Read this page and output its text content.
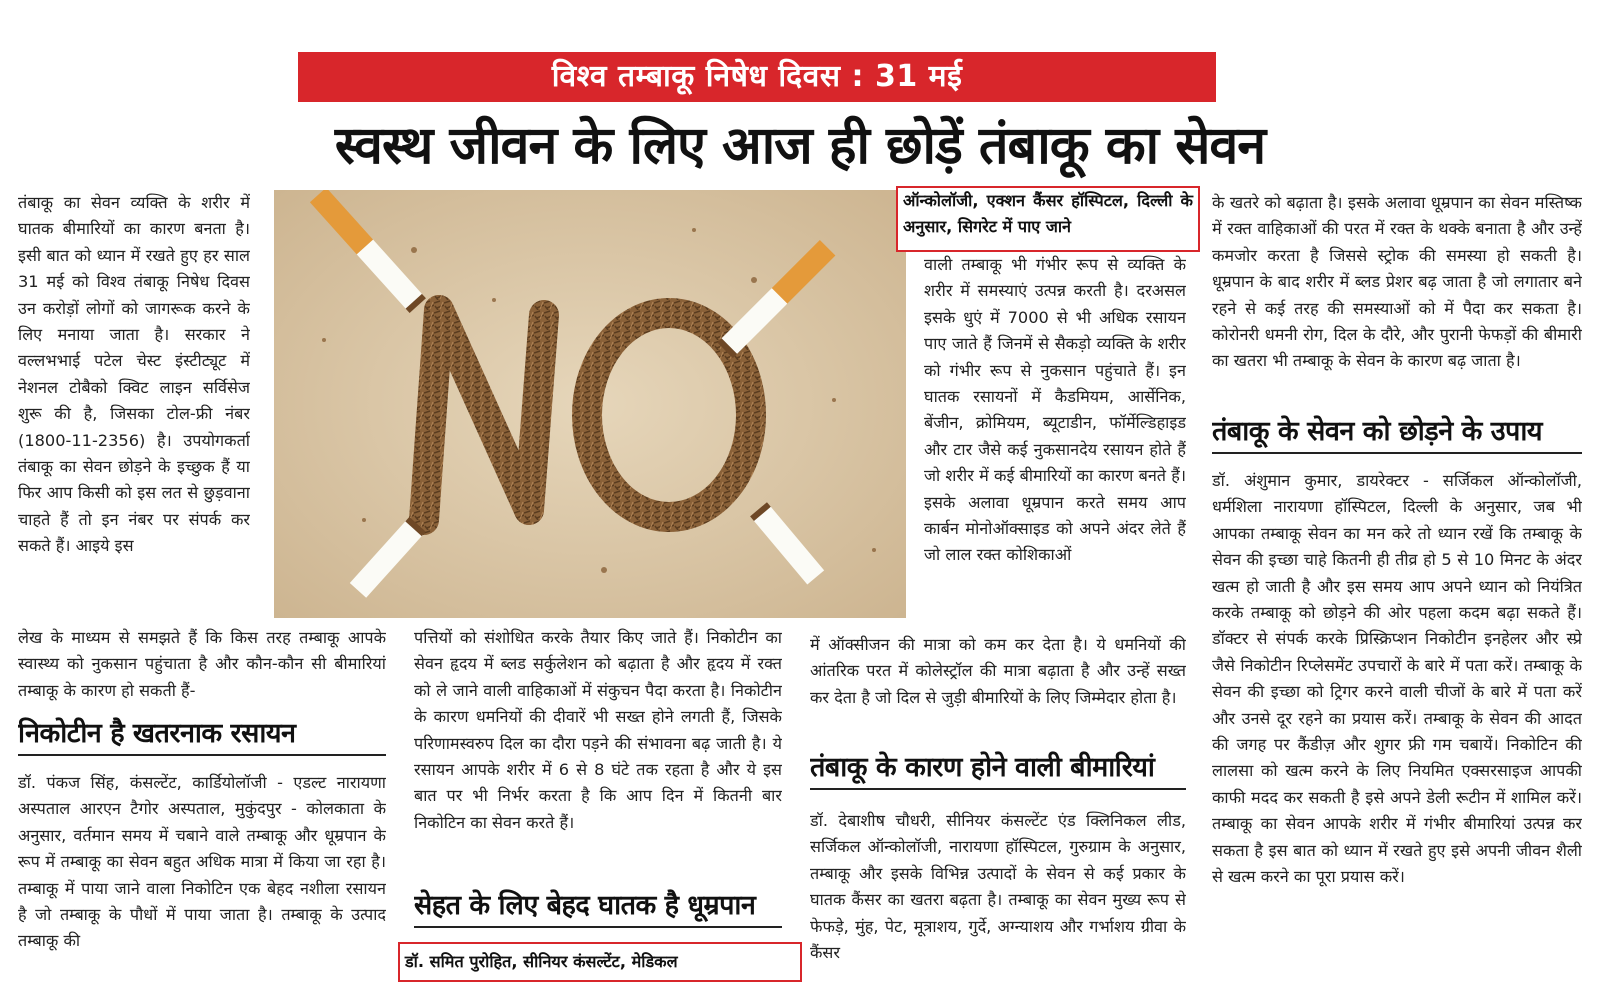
विश्व तम्बाकू निषेध दिवस : 31 मई
स्वस्थ जीवन के लिए आज ही छोड़ें तंबाकू का सेवन

तंबाकू का सेवन व्यक्ति के शरीर में घातक बीमारियों का कारण बनता है। इसी बात को ध्यान में रखते हुए हर साल 31 मई को विश्व तंबाकू निषेध दिवस उन करोड़ों लोगों को जागरूक करने के लिए मनाया जाता है। सरकार ने वल्लभभाई पटेल चेस्ट इंस्टीट्यूट में नेशनल टोबैको क्विट लाइन सर्विसेज शुरू की है, जिसका टोल-फ्री नंबर (1800-11-2356) है। उपयोगकर्ता तंबाकू का सेवन छोड़ने के इच्छुक हैं या फिर आप किसी को इस लत से छुड़वाना चाहते हैं तो इन नंबर पर संपर्क कर सकते हैं। आइये इस

लेख के माध्यम से समझते हैं कि किस तरह तम्बाकू आपके स्वास्थ्य को नुकसान पहुंचाता है और कौन-कौन सी बीमारियां तम्बाकू के कारण हो सकती हैं-

निकोटीन है खतरनाक रसायन

डॉ. पंकज सिंह, कंसल्टेंट, कार्डियोलॉजी - एडल्ट नारायणा अस्पताल आरएन टैगोर अस्पताल, मुकुंदपुर - कोलकाता के अनुसार, वर्तमान समय में चबाने वाले तम्बाकू और धूम्रपान के रूप में तम्बाकू का सेवन बहुत अधिक मात्रा में किया जा रहा है। तम्बाकू में पाया जाने वाला निकोटिन एक बेहद नशीला रसायन है जो तम्बाकू के पौधों में पाया जाता है। तम्बाकू के उत्पाद तम्बाकू की

पत्तियों को संशोधित करके तैयार किए जाते हैं। निकोटीन का सेवन हृदय में ब्लड सर्कुलेशन को बढ़ाता है और हृदय में रक्त को ले जाने वाली वाहिकाओं में संकुचन पैदा करता है। निकोटीन के कारण धमनियों की दीवारें भी सख्त होने लगती हैं, जिसके परिणामस्वरुप दिल का दौरा पड़ने की संभावना बढ़ जाती है। ये रसायन आपके शरीर में 6 से 8 घंटे तक रहता है और ये इस बात पर भी निर्भर करता है कि आप दिन में कितनी बार निकोटिन का सेवन करते हैं।

सेहत के लिए बेहद घातक है धूम्रपान
डॉ. समित पुरोहित, सीनियर कंसल्टेंट, मेडिकल
ऑन्कोलॉजी, एक्शन कैंसर हॉस्पिटल, दिल्ली के अनुसार, सिगरेट में पाए जाने

वाली तम्बाकू भी गंभीर रूप से व्यक्ति के शरीर में समस्याएं उत्पन्न करती है। दरअसल इसके धुएं में 7000 से भी अधिक रसायन पाए जाते हैं जिनमें से सैकड़ो व्यक्ति के शरीर को गंभीर रूप से नुकसान पहुंचाते हैं। इन घातक रसायनों में कैडमियम, आर्सेनिक, बेंजीन, क्रोमियम, ब्यूटाडीन, फॉर्मेल्डिहाइड और टार जैसे कई नुकसानदेय रसायन होते हैं जो शरीर में कई बीमारियों का कारण बनते हैं। इसके अलावा धूम्रपान करते समय आप कार्बन मोनोऑक्साइड को अपने अंदर लेते हैं जो लाल रक्त कोशिकाओं

में ऑक्सीजन की मात्रा को कम कर देता है। ये धमनियों की आंतरिक परत में कोलेस्ट्रॉल की मात्रा बढ़ाता है और उन्हें सख्त कर देता है जो दिल से जुड़ी बीमारियों के लिए जिम्मेदार होता है।

तंबाकू के कारण होने वाली बीमारियां

डॉ. देबाशीष चौधरी, सीनियर कंसल्टेंट एंड क्लिनिकल लीड, सर्जिकल ऑन्कोलॉजी, नारायणा हॉस्पिटल, गुरुग्राम के अनुसार, तम्बाकू और इसके विभिन्न उत्पादों के सेवन से कई प्रकार के घातक कैंसर का खतरा बढ़ता है। तम्बाकू का सेवन मुख्य रूप से फेफड़े, मुंह, पेट, मूत्राशय, गुर्दे, अग्न्याशय और गर्भाशय ग्रीवा के कैंसर

के खतरे को बढ़ाता है। इसके अलावा धूम्रपान का सेवन मस्तिष्क में रक्त वाहिकाओं की परत में रक्त के थक्के बनाता है और उन्हें कमजोर करता है जिससे स्ट्रोक की समस्या हो सकती है। धूम्रपान के बाद शरीर में ब्लड प्रेशर बढ़ जाता है जो लगातार बने रहने से कई तरह की समस्याओं को में पैदा कर सकता है। कोरोनरी धमनी रोग, दिल के दौरे, और पुरानी फेफड़ों की बीमारी का खतरा भी तम्बाकू के सेवन के कारण बढ़ जाता है।

तंबाकू के सेवन को छोड़ने के उपाय

डॉ. अंशुमान कुमार, डायरेक्टर - सर्जिकल ऑन्कोलॉजी, धर्मशिला नारायणा हॉस्पिटल, दिल्ली के अनुसार, जब भी आपका तम्बाकू सेवन का मन करे तो ध्यान रखें कि तम्बाकू के सेवन की इच्छा चाहे कितनी ही तीव्र हो 5 से 10 मिनट के अंदर खत्म हो जाती है और इस समय आप अपने ध्यान को नियंत्रित करके तम्बाकू को छोड़ने की ओर पहला कदम बढ़ा सकते हैं। डॉक्टर से संपर्क करके प्रिस्क्रिप्शन निकोटीन इनहेलर और स्प्रे जैसे निकोटीन रिप्लेसमेंट उपचारों के बारे में पता करें। तम्बाकू के सेवन की इच्छा को ट्रिगर करने वाली चीजों के बारे में पता करें और उनसे दूर रहने का प्रयास करें। तम्बाकू के सेवन की आदत की जगह पर कैंडीज़ और शुगर फ्री गम चबायें। निकोटिन की लालसा को खत्म करने के लिए नियमित एक्सरसाइज आपकी काफी मदद कर सकती है इसे अपने डेली रूटीन में शामिल करें। तम्बाकू का सेवन आपके शरीर में गंभीर बीमारियां उत्पन्न कर सकता है इस बात को ध्यान में रखते हुए इसे अपनी जीवन शैली से खत्म करने का पूरा प्रयास करें।
